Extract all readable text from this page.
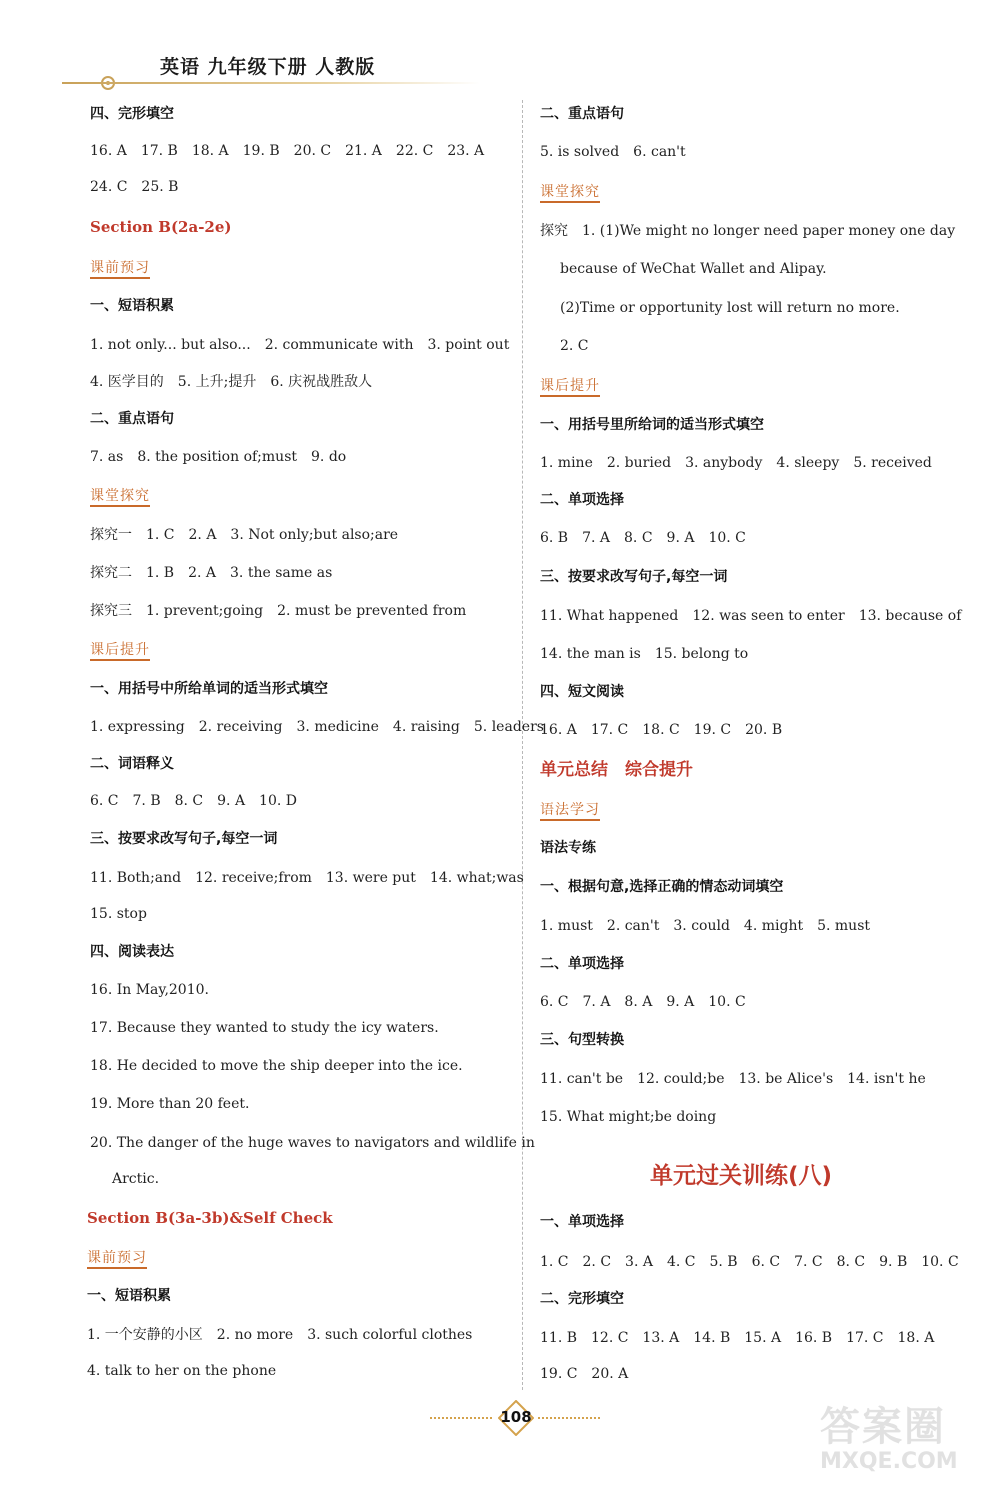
英语 九年级下册 人教版
四、完形填空
16. A　17. B　18. A　19. B　20. C　21. A　22. C　23. A
24. C　25. B
Section B(2a-2e)
课前预习
一、短语积累
1. not only... but also...　2. communicate with　3. point out
4. 医学目的　5. 上升;提升　6. 庆祝战胜敌人
二、重点语句
7. as　8. the position of;must　9. do
课堂探究
探究一　1. C　2. A　3. Not only;but also;are
探究二　1. B　2. A　3. the same as
探究三　1. prevent;going　2. must be prevented from
课后提升
一、用括号中所给单词的适当形式填空
1. expressing　2. receiving　3. medicine　4. raising　5. leaders
二、词语释义
6. C　7. B　8. C　9. A　10. D
三、按要求改写句子,每空一词
11. Both;and　12. receive;from　13. were put　14. what;was
15. stop
四、阅读表达
16. In May,2010.
17. Because they wanted to study the icy waters.
18. He decided to move the ship deeper into the ice.
19. More than 20 feet.
20. The danger of the huge waves to navigators and wildlife in
Arctic.
Section B(3a-3b)&Self Check
课前预习
一、短语积累
1. 一个安静的小区　2. no more　3. such colorful clothes
4. talk to her on the phone
二、重点语句
5. is solved　6. can't
课堂探究
探究　1. (1)We might no longer need paper money one day
because of WeChat Wallet and Alipay.
(2)Time or opportunity lost will return no more.
2. C
课后提升
一、用括号里所给词的适当形式填空
1. mine　2. buried　3. anybody　4. sleepy　5. received
二、单项选择
6. B　7. A　8. C　9. A　10. C
三、按要求改写句子,每空一词
11. What happened　12. was seen to enter　13. because of
14. the man is　15. belong to
四、短文阅读
16. A　17. C　18. C　19. C　20. B
单元总结　综合提升
语法学习
语法专练
一、根据句意,选择正确的情态动词填空
1. must　2. can't　3. could　4. might　5. must
二、单项选择
6. C　7. A　8. A　9. A　10. C
三、句型转换
11. can't be　12. could;be　13. be Alice's　14. isn't he
15. What might;be doing
一、单项选择
1. C　2. C　3. A　4. C　5. B　6. C　7. C　8. C　9. B　10. C
二、完形填空
11. B　12. C　13. A　14. B　15. A　16. B　17. C　18. A
19. C　20. A
单元过关训练(八)
108	答案圈
MXQE.COM
